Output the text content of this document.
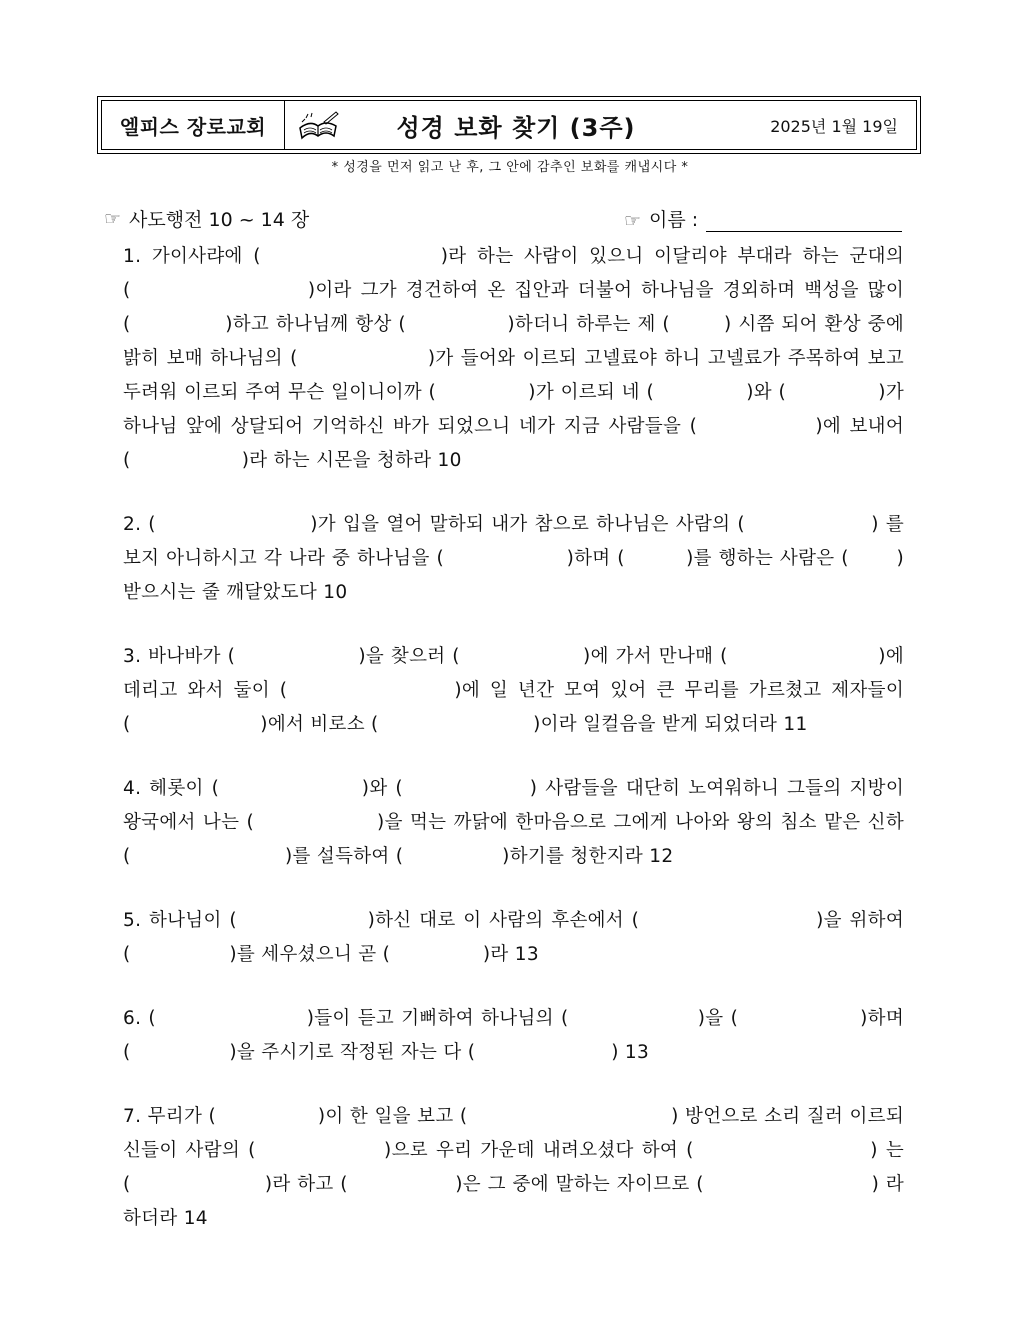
엘피스 장로교회	성경 보화 찾기 (3주)	2025년 1월 19일
* 성경을 먼저 읽고 난 후, 그 안에 감추인 보화를 캐냅시다 *
☞ 사도행전 10 ~ 14 장	☞ 이름 :

1. 가이사랴에 (                 )라 하는 사람이 있으니 이달리야 부대라 하는 군대의 (                    )이라 그가 경건하여 온 집안과 더불어 하나님을 경외하며 백성을 많이 (              )하고 하나님께 항상 (               )하더니 하루는 제 (        ) 시쯤 되어 환상 중에 밝히 보매 하나님의 (                  )가 들어와 이르되 고넬료야 하니 고넬료가 주목하여 보고 두려워 이르되 주여 무슨 일이니이까 (              )가 이르되 네 (              )와 (              )가 하나님 앞에 상달되어 기억하신 바가 되었으니 네가 지금 사람들을 (              )에 보내어 (                  )라 하는 시몬을 청하라 10

2. (                      )가 입을 열어 말하되 내가 참으로 하나님은 사람의 (                  ) 를 보지 아니하시고 각 나라 중 하나님을 (                  )하며 (         )를 행하는 사람은 (       ) 받으시는 줄 깨달았도다 10

3. 바나바가 (                  )을 찾으러 (                  )에 가서 만나매 (                      )에 데리고 와서 둘이 (                 )에 일 년간 모여 있어 큰 무리를 가르쳤고 제자들이 (                     )에서 비로소 (                         )이라 일컬음을 받게 되었더라 11

4. 헤롯이 (                  )와 (                ) 사람들을 대단히 노여워하니 그들의 지방이 왕국에서 나는 (                 )을 먹는 까닭에 한마음으로 그에게 나아와 왕의 침소 맡은 신하 (                         )를 설득하여 (                )하기를 청한지라 12

5. 하나님이 (                 )하신 대로 이 사람의 후손에서 (                       )을 위하여 (                )를 세우셨으니 곧 (               )라 13

6. (                     )들이 듣고 기뻐하여 하나님의 (                  )을 (                 )하며 (                )을 주시기로 작정된 자는 다 (                      ) 13

7. 무리가 (                )이 한 일을 보고 (                                ) 방언으로 소리 질러 이르되 신들이 사람의 (                )으로 우리 가운데 내려오셨다 하여 (                      ) 는 (                    )라 하고 (                )은 그 중에 말하는 자이므로 (                         ) 라 하더라 14
